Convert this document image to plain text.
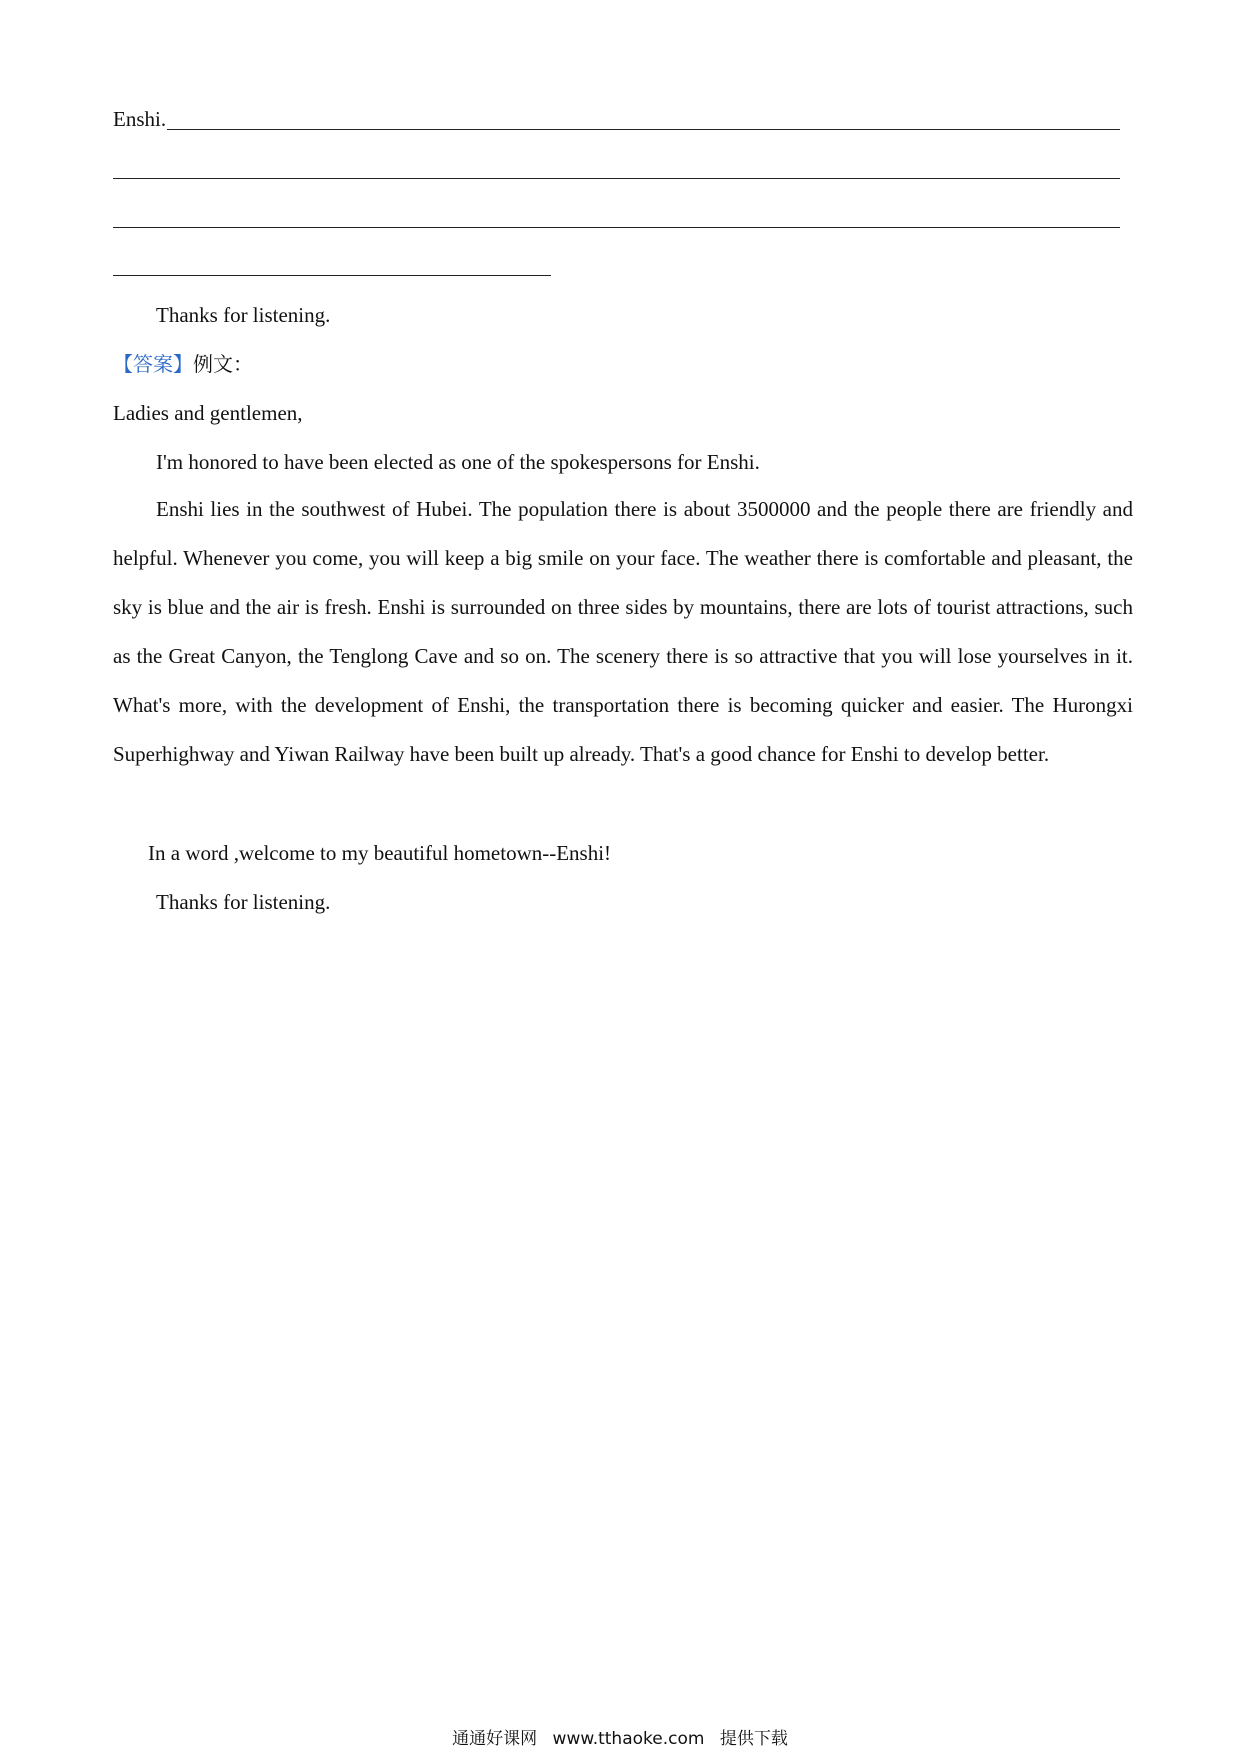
Enshi.
Thanks for listening.
【答案】例文：
Ladies and gentlemen,
I'm honored to have been elected as one of the spokespersons for Enshi.
Enshi lies in the southwest of Hubei. The population there is about 3500000 and the people there are friendly and helpful. Whenever you come, you will keep a big smile on your face. The weather there is comfortable and pleasant, the sky is blue and the air is fresh. Enshi is surrounded on three sides by mountains, there are lots of tourist attractions, such as the Great Canyon, the Tenglong Cave and so on. The scenery there is so attractive that you will lose yourselves in it. What's more, with the development of Enshi, the transportation there is becoming quicker and easier. The Hurongxi Superhighway and Yiwan Railway have been built up already. That's a good chance for Enshi to develop better.
In a word ,welcome to my beautiful hometown--Enshi!
Thanks for listening.
通通好课网 www.tthaoke.com 提供下载
